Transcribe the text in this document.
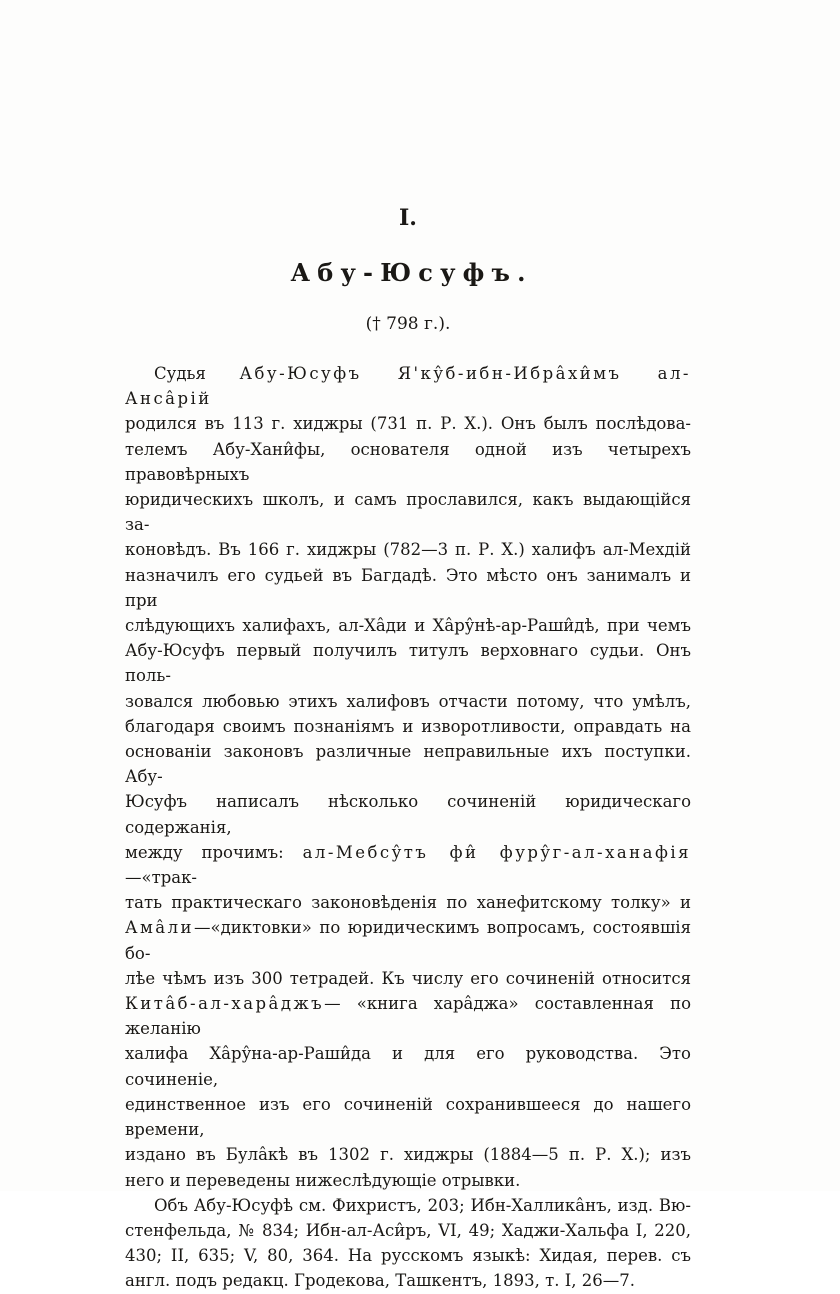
I.
Абу-Юсуфъ.
(† 798 г.).
Судья Абу-Юсуфъ Я'ку̂б-ибн-Ибрâхи̂мъ ал-Ансâрій
родился въ 113 г. хиджры (731 п. Р. Х.). Онъ былъ послѣдова-
телемъ Абу-Хани̂фы, основателя одной изъ четырехъ правовѣрныхъ
юридическихъ школъ, и самъ прославился, какъ выдающійся за-
коновѣдъ. Въ 166 г. хиджры (782—3 п. Р. Х.) халифъ ал-Мехдій
назначилъ его судьей въ Багдадѣ. Это мѣсто онъ занималъ и при
слѣдующихъ халифахъ, ал-Хâди и Хâру̂нѣ-ар-Раши̂дѣ, при чемъ
Абу-Юсуфъ первый получилъ титулъ верховнаго судьи. Онъ поль-
зовался любовью этихъ халифовъ отчасти потому, что умѣлъ,
благодаря своимъ познаніямъ и изворотливости, оправдать на
основаніи законовъ различные неправильные ихъ поступки. Абу-
Юсуфъ написалъ нѣсколько сочиненій юридическаго содержанія,
между прочимъ: ал-Мебсу̂тъ фи̂ фуру̂г-ал-ханафія—«трак-
тать практическаго законовѣденія по ханефитскому толку» и
Амâли—«диктовки» по юридическимъ вопросамъ, состоявшія бо-
лѣе чѣмъ изъ 300 тетрадей. Къ числу его сочиненій относится
Китâб-ал-харâджъ— «книга харâджа» составленная по желанію
халифа Хâру̂на-ар-Раши̂да и для его руководства. Это сочиненіе,
единственное изъ его сочиненій сохранившееся до нашего времени,
издано въ Булâкѣ въ 1302 г. хиджры (1884—5 п. Р. Х.); изъ
него и переведены нижеслѣдующіе отрывки.
Объ Абу-Юсуфѣ см. Фихристъ, 203; Ибн-Халликâнъ, изд. Вю-
стенфельда, № 834; Ибн-ал-Аси̂ръ, VI, 49; Хаджи-Хальфа I, 220,
430; II, 635; V, 80, 364. На русскомъ языкѣ: Хидая, перев. съ
англ. подъ редакц. Гродекова, Ташкентъ, 1893, т. I, 26—7.
